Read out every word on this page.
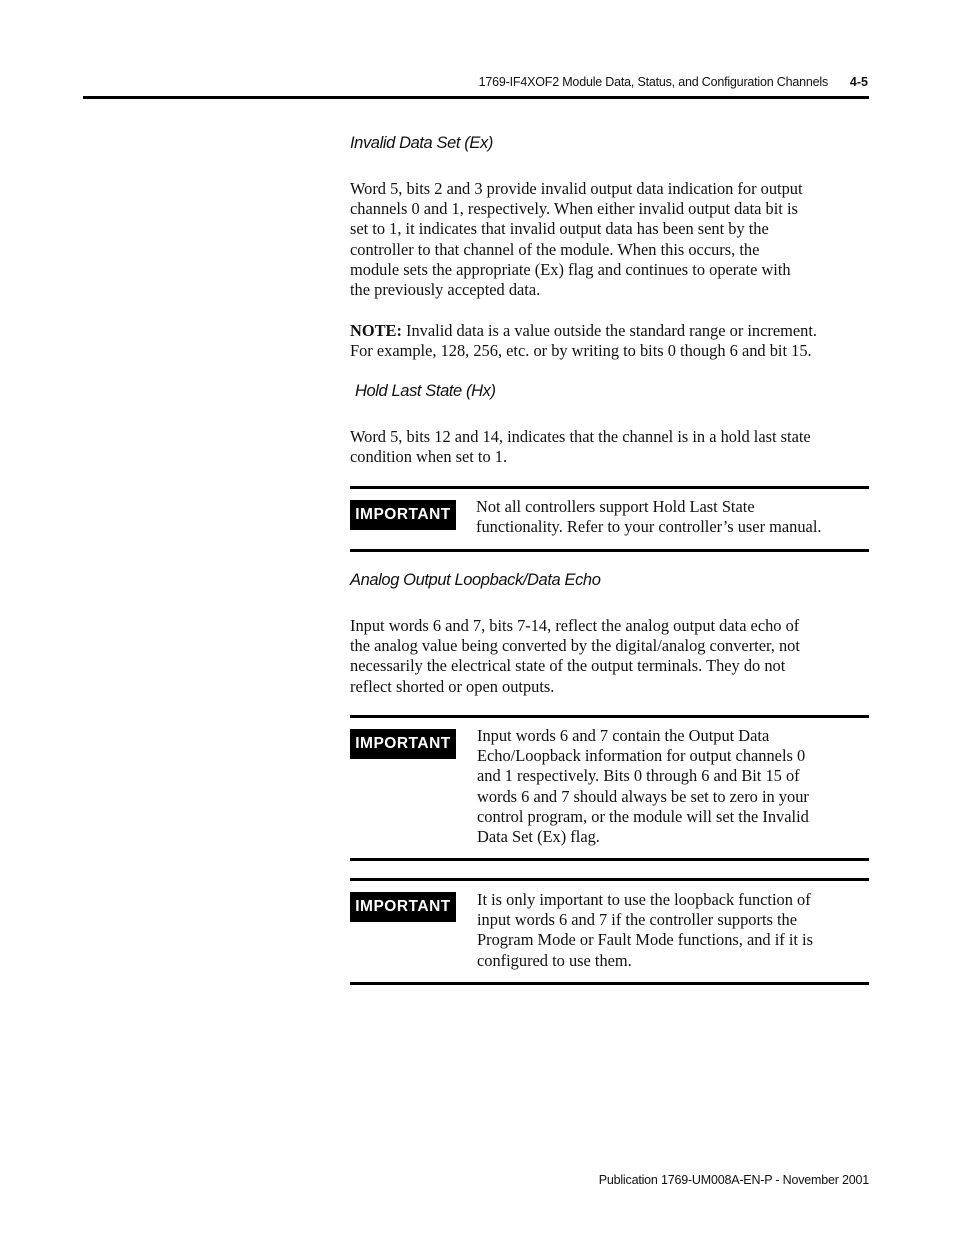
1769-IF4XOF2 Module Data, Status, and Configuration Channels	4-5
Invalid Data Set (Ex)

Word 5, bits 2 and 3 provide invalid output data indication for output
channels 0 and 1, respectively. When either invalid output data bit is
set to 1, it indicates that invalid output data has been sent by the
controller to that channel of the module. When this occurs, the
module sets the appropriate (Ex) flag and continues to operate with
the previously accepted data.

NOTE: Invalid data is a value outside the standard range or increment.
For example, 128, 256, etc. or by writing to bits 0 though 6 and bit 15.

Hold Last State (Hx)

Word 5, bits 12 and 14, indicates that the channel is in a hold last state
condition when set to 1.

IMPORTANT	Not all controllers support Hold Last State
functionality. Refer to your controller’s user manual.

Analog Output Loopback/Data Echo

Input words 6 and 7, bits 7-14, reflect the analog output data echo of
the analog value being converted by the digital/analog converter, not
necessarily the electrical state of the output terminals. They do not
reflect shorted or open outputs.

IMPORTANT	Input words 6 and 7 contain the Output Data
Echo/Loopback information for output channels 0
and 1 respectively. Bits 0 through 6 and Bit 15 of
words 6 and 7 should always be set to zero in your
control program, or the module will set the Invalid
Data Set (Ex) flag.

IMPORTANT	It is only important to use the loopback function of
input words 6 and 7 if the controller supports the
Program Mode or Fault Mode functions, and if it is
configured to use them.

Publication 1769-UM008A-EN-P - November 2001
